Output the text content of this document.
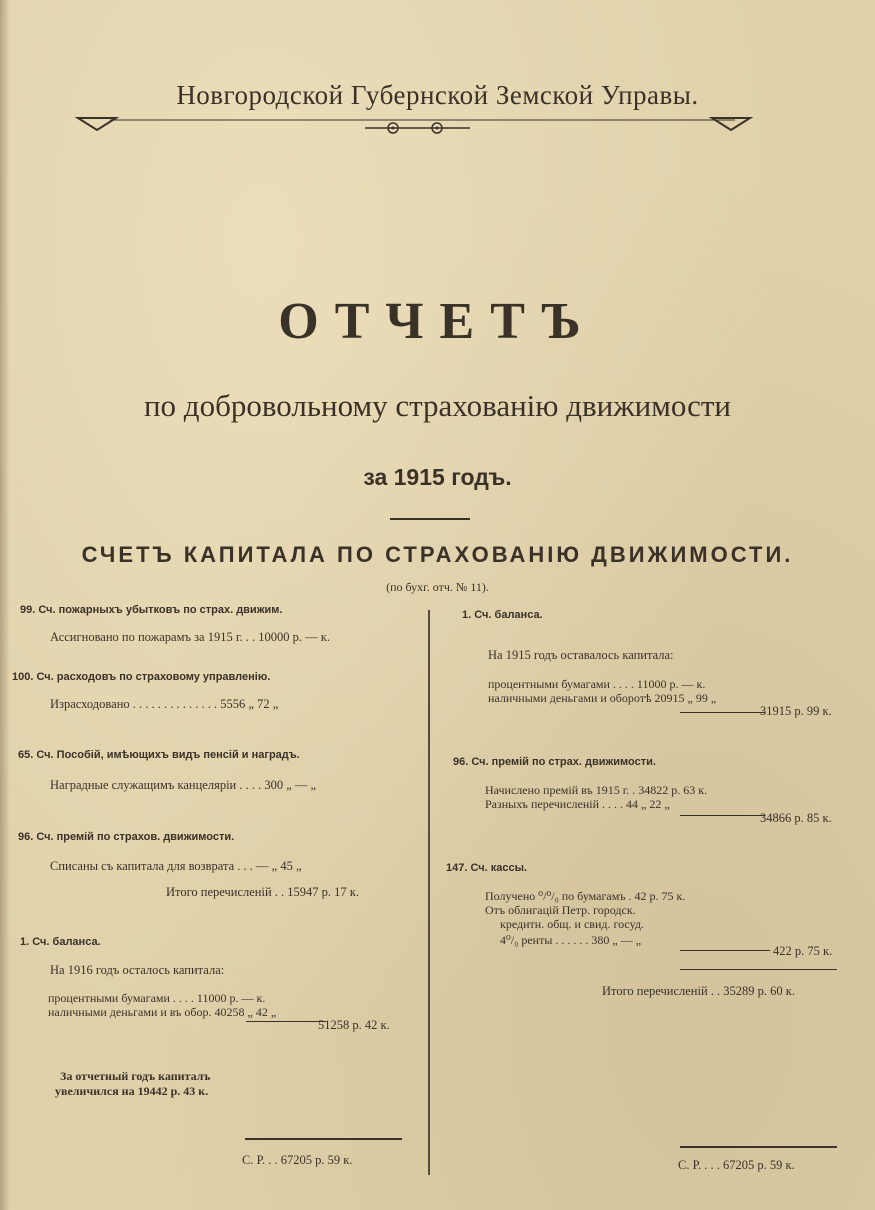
Новгородской Губернской Земской Управы.
ОТЧЕТЪ
по добровольному страхованію движимости
за 1915 годъ.
СЧЕТЪ КАПИТАЛА ПО СТРАХОВАНІЮ ДВИЖИМОСТИ.
(по бухг. отч. № 11).
99. Сч. пожарныхъ убытковъ по страх. движим.
Ассигновано по пожарамъ за 1915 г. . . 10000 р. — к.
100. Сч. расходовъ по страховому управленію.
Израсходовано . . . . . . . . . . . . . . 5556 „ 72 „
65. Сч. Пособій, имѣющихъ видъ пенсій и наградъ.
Наградные служащимъ канцеляріи . . . . 300 „ — „
96. Сч. премій по страхов. движимости.
Списаны съ капитала для возврата . . . — „ 45 „
Итого перечисленій . . 15947 р. 17 к.
1. Сч. баланса.
На 1916 годъ осталось капитала:
процентными бумагами . . . . 11000 р. — к.
наличными деньгами и въ обор. 40258 „ 42 „
51258 р. 42 к.
За отчетный годъ капиталъ
увеличился на 19442 р. 43 к.
С. Р. . . 67205 р. 59 к.
1. Сч. баланса.
На 1915 годъ оставалось капитала:
процентными бумагами . . . . 11000 р. — к.
наличными деньгами и оборотѣ 20915 „ 99 „
31915 р. 99 к.
96. Сч. премій по страх. движимости.
Начислено премій въ 1915 г. . 34822 р. 63 к.
Разныхъ перечисленій . . . . 44 „ 22 „
34866 р. 85 к.
147. Сч. кассы.
Получено ⁰/⁰/₀ по бумагамъ . 42 р. 75 к.
Отъ облигацій Петр. городск.
кредитн. общ. и свид. госуд.
4⁰/₀ ренты . . . . . . 380 „ — „
422 р. 75 к.
Итого перечисленій . . 35289 р. 60 к.
С. Р. . . . 67205 р. 59 к.
